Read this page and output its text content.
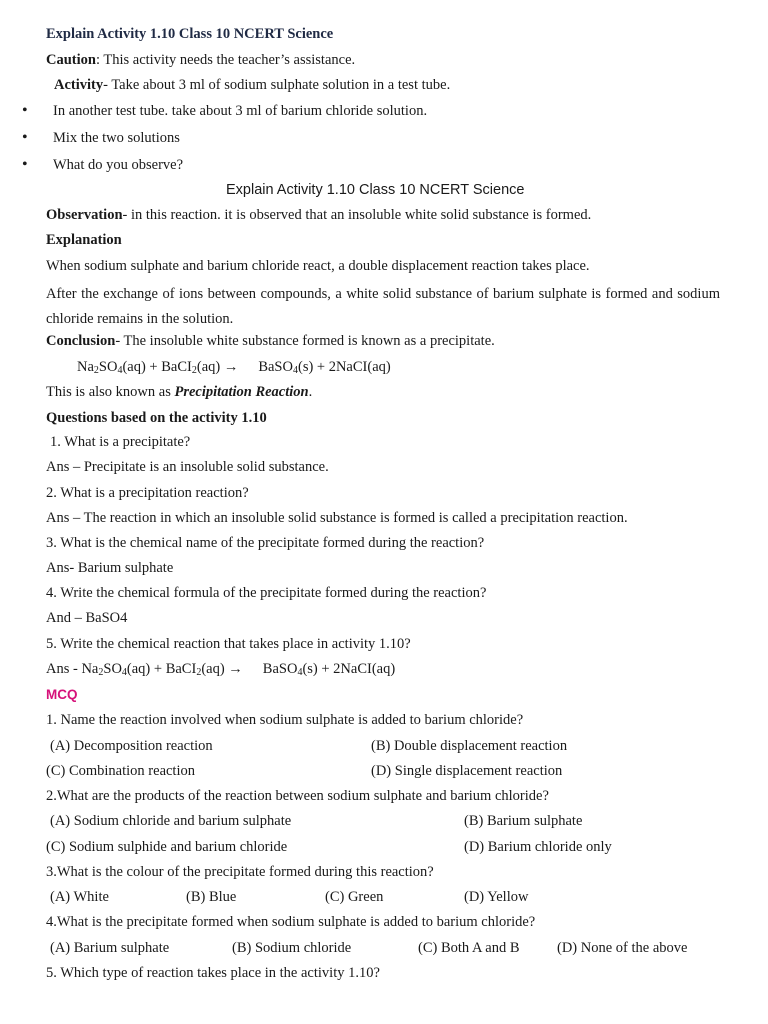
Explain Activity 1.10 Class 10 NCERT Science
Caution: This activity needs the teacher’s assistance.
Activity- Take about 3 ml of sodium sulphate solution in a test tube.
• In another test tube. take about 3 ml of barium chloride solution.
• Mix the two solutions
• What do you observe?
Explain Activity 1.10 Class 10 NCERT Science
Observation- in this reaction. it is observed that an insoluble white solid substance is formed.
Explanation
When sodium sulphate and barium chloride react, a double displacement reaction takes place.
After the exchange of ions between compounds, a white solid substance of barium sulphate is formed and sodium chloride remains in the solution.
Conclusion- The insoluble white substance formed is known as a precipitate.
$Na_2SO_4(aq)$ + BaCI$_2$(aq) → BaSO$_4$(s) + 2NaCI(aq)
This is also known as Precipitation Reaction.
Questions based on the activity 1.10
1. What is a precipitate?
Ans – Precipitate is an insoluble solid substance.
2. What is a precipitation reaction?
Ans – The reaction in which an insoluble solid substance is formed is called a precipitation reaction.
3. What is the chemical name of the precipitate formed during the reaction?
Ans- Barium sulphate
4. Write the chemical formula of the precipitate formed during the reaction?
And – BaSO4
5. Write the chemical reaction that takes place in activity 1.10?
Ans - $Na_2SO_4(aq)$ + BaCI$_2$(aq) → BaSO$_4$(s) + 2NaCI(aq)
MCQ
1. Name the reaction involved when sodium sulphate is added to barium chloride?
(A) Decomposition reaction	(B) Double displacement reaction
(C) Combination reaction	(D) Single displacement reaction
2.What are the products of the reaction between sodium sulphate and barium chloride?
(A) Sodium chloride and barium sulphate	(B) Barium sulphate
(C) Sodium sulphide and barium chloride	(D) Barium chloride only
3.What is the colour of the precipitate formed during this reaction?
(A) White	(B) Blue	(C) Green	(D) Yellow
4.What is the precipitate formed when sodium sulphate is added to barium chloride?
(A) Barium sulphate	(B) Sodium chloride	(C) Both A and B	(D) None of the above
5. Which type of reaction takes place in the activity 1.10?
